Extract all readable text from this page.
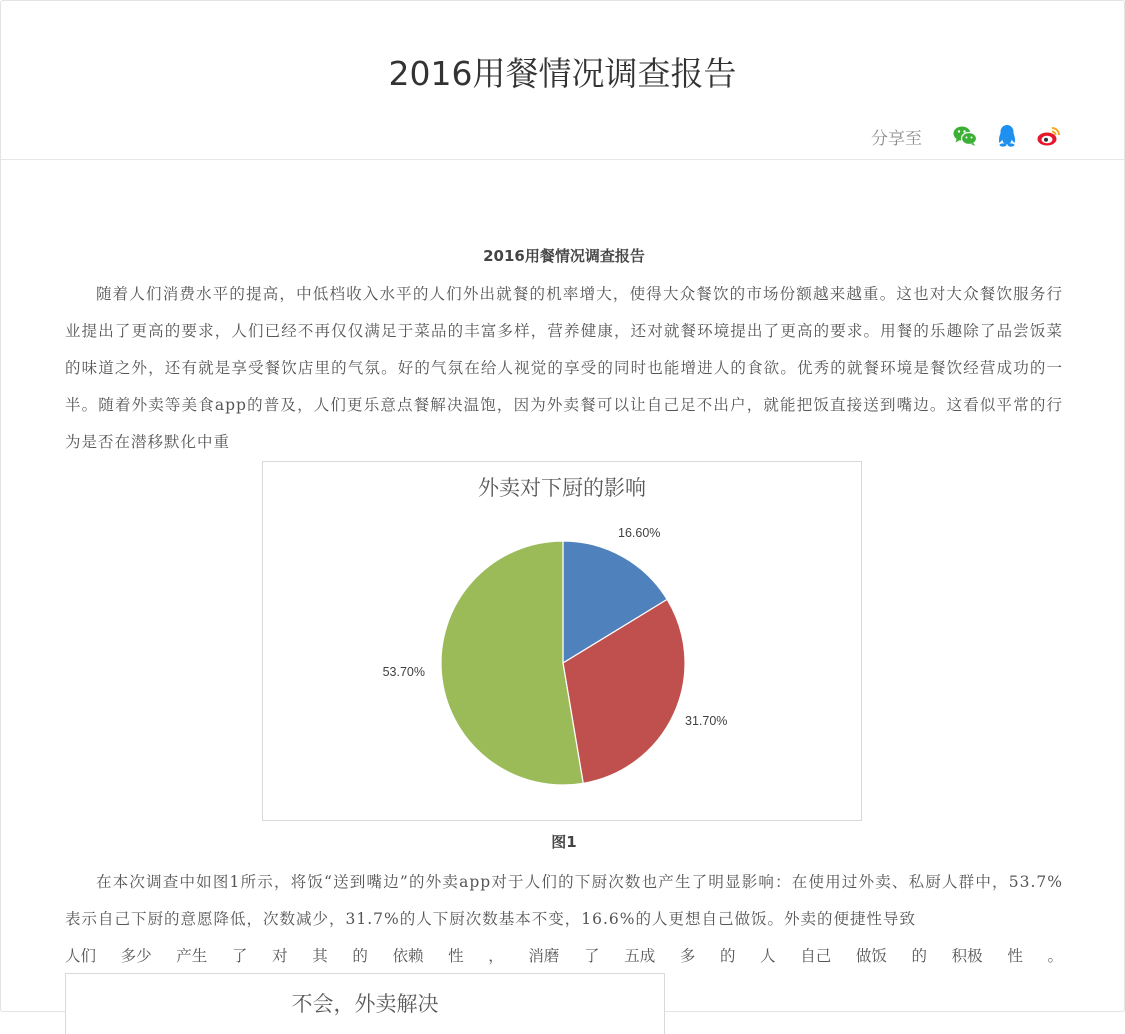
2016用餐情况调查报告
分享至
2016用餐情况调查报告
随着人们消费水平的提高，中低档收入水平的人们外出就餐的机率增大，使得大众餐饮的市场份额越来越重。这也对大众餐饮服务行业提出了更高的要求，人们已经不再仅仅满足于菜品的丰富多样，营养健康，还对就餐环境提出了更高的要求。用餐的乐趣除了品尝饭菜的味道之外，还有就是享受餐饮店里的气氛。好的气氛在给人视觉的享受的同时也能增进人的食欲。优秀的就餐环境是餐饮经营成功的一半。随着外卖等美食app的普及，人们更乐意点餐解决温饱，因为外卖餐可以让自己足不出户，就能把饭直接送到嘴边。这看似平常的行为是否在潜移默化中重
外卖对下厨的影响
16.60%
31.70%
53.70%
图1
在本次调查中如图1所示，将饭“送到嘴边”的外卖app对于人们的下厨次数也产生了明显影响：在使用过外卖、私厨人群中，53.7%表示自己下厨的意愿降低，次数减少，31.7%的人下厨次数基本不变，16.6%的人更想自己做饭。外卖的便捷性导致
人们 多少 产生 了 对 其 的 依赖 性 ， 消磨 了 五成 多 的 人 自己 做饭 的 积极 性 。
不会，外卖解决
